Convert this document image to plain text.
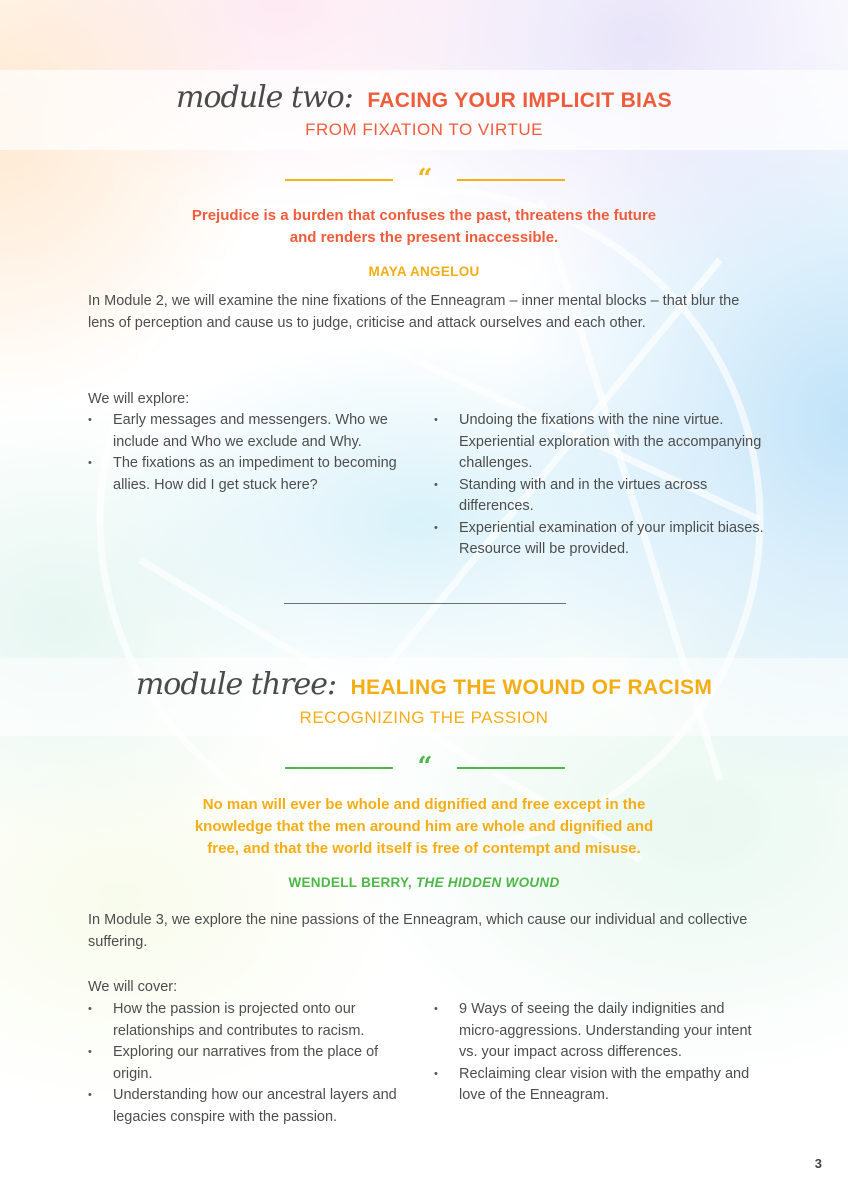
module two: FACING YOUR IMPLICIT BIAS
FROM FIXATION TO VIRTUE
“
Prejudice is a burden that confuses the past, threatens the future
and renders the present inaccessible.
MAYA ANGELOU
In Module 2, we will examine the nine fixations of the Enneagram – inner mental blocks – that blur the lens of perception and cause us to judge, criticise and attack ourselves and each other.
We will explore:
• Early messages and messengers. Who we include and Who we exclude and Why.
• The fixations as an impediment to becoming allies. How did I get stuck here?
• Undoing the fixations with the nine virtue. Experiential exploration with the accompanying challenges.
• Standing with and in the virtues across differences.
• Experiential examination of your implicit biases. Resource will be provided.
module three: HEALING THE WOUND OF RACISM
RECOGNIZING THE PASSION
“
No man will ever be whole and dignified and free except in the
knowledge that the men around him are whole and dignified and
free, and that the world itself is free of contempt and misuse.
WENDELL BERRY, THE HIDDEN WOUND
In Module 3, we explore the nine passions of the Enneagram, which cause our individual and collective suffering.
We will cover:
• How the passion is projected onto our relationships and contributes to racism.
• Exploring our narratives from the place of origin.
• Understanding how our ancestral layers and legacies conspire with the passion.
• 9 Ways of seeing the daily indignities and micro-aggressions. Understanding your intent vs. your impact across differences.
• Reclaiming clear vision with the empathy and love of the Enneagram.
3
